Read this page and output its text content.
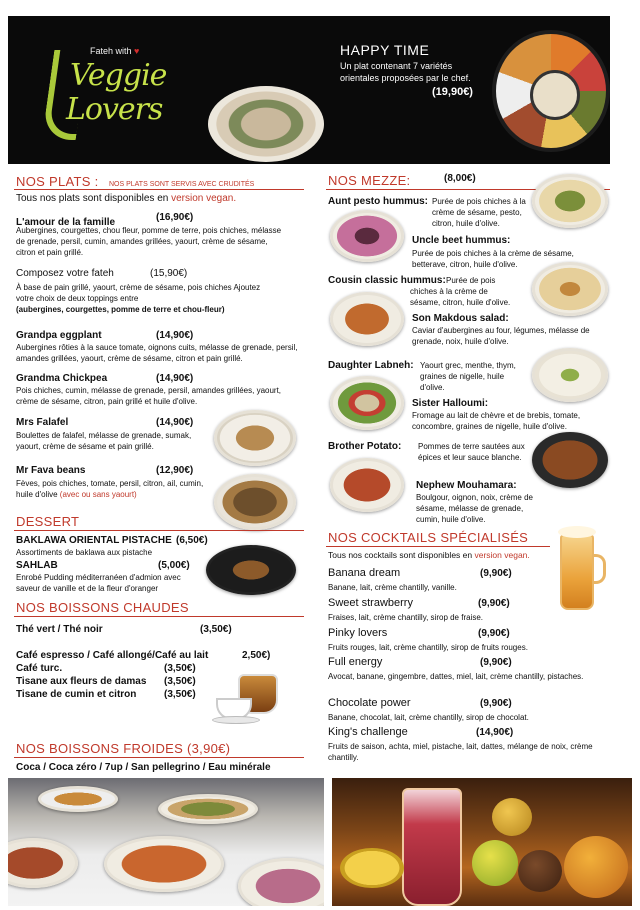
Fateh with ♥
Veggie
Lovers
HAPPY TIME
Un plat contenant 7 variétés orientales proposées par le chef.
(19,90€)
NOS PLATS : NOS PLATS SONT SERVIS AVEC CRUDITÉS
Tous nos plats sont disponibles en version vegan.
L'amour de la famille	(16,90€)
Aubergines, courgettes, chou fleur, pomme de terre, pois chiches, mélasse de grenade, persil, cumin, amandes grillées, yaourt, crème de sésame, citron et pain grillé.
Composez votre fateh	(15,90€)
À base de pain grillé, yaourt, crème de sésame, pois chiches Ajoutez votre choix de deux toppings entre
(aubergines, courgettes, pomme de terre et chou-fleur)
Grandpa eggplant	(14,90€)
Aubergines rôties à la sauce tomate, oignons cuits, mélasse de grenade, persil, amandes grillées, yaourt, crème de sésame, citron et pain grillé.
Grandma Chickpea	(14,90€)
Pois chiches, cumin, mélasse de grenade, persil, amandes grillées, yaourt, crème de sésame, citron, pain grillé et huile d'olive.
Mrs Falafel	(14,90€)
Boulettes de falafel, mélasse de grenade, sumak, yaourt, crème de sésame et pain grillé.
Mr Fava beans	(12,90€)
Fèves, pois chiches, tomate, persil, citron, ail, cumin, huile d'olive (avec ou sans yaourt)
DESSERT
BAKLAWA ORIENTAL PISTACHE (6,50€)
Assortiments de baklawa aux pistache
SAHLAB	(5,00€)
Enrobé Pudding méditerranéen d'admion avec saveur de vanille et de la fleur d'oranger
NOS BOISSONS CHAUDES
Thé vert / Thé noir	(3,50€)
Café espresso / Café allongé/Café au lait	2,50€)
Café turc.	(3,50€)
Tisane aux fleurs de damas (3,50€)
Tisane de cumin et citron	(3,50€)
NOS BOISSONS FROIDES (3,90€)
Coca / Coca zéro / 7up / San pellegrino / Eau minérale
NOS MEZZE:	(8,00€)
Aunt pesto hummus: Purée de pois chiches à la crème de sésame, pesto, citron, huile d'olive.
Uncle beet hummus:
Purée de pois chiches à la crème de sésame, betterave, citron, huile d'olive.
Cousin classic hummus: Purée de pois chiches à la crème de sésame, citron, huile d'olive.
Son Makdous salad:
Caviar d'aubergines au four, légumes, mélasse de grenade, noix, huile d'olive.
Daughter Labneh: Yaourt grec, menthe, thym, graines de nigelle, huile d'olive.
Sister Halloumi:
Fromage au lait de chèvre et de brebis, tomate, concombre, graines de nigelle, huile d'olive.
Brother Potato: Pommes de terre sautées aux épices et leur sauce blanche.
Nephew Mouhamara:
Boulgour, oignon, noix, crème de sésame, mélasse de grenade, cumin, huile d'olive.
NOS COCKTAILS SPÉCIALISÉS
Tous nos cocktails sont disponibles en version vegan.
Banana dream	(9,90€)
Banane, lait, crème chantilly, vanille.
Sweet strawberry	(9,90€)
Fraises, lait, crème chantilly, sirop de fraise.
Pinky lovers	(9,90€)
Fruits rouges, lait, crème chantilly, sirop de fruits rouges.
Full energy	(9,90€)
Avocat, banane, gingembre, dattes, miel, lait, crème chantilly, pistaches.
Chocolate power	(9,90€)
Banane, chocolat, lait, crème chantilly, sirop de chocolat.
King's challenge	(14,90€)
Fruits de saison, achta, miel, pistache, lait, dattes, mélange de noix, crème chantilly.
